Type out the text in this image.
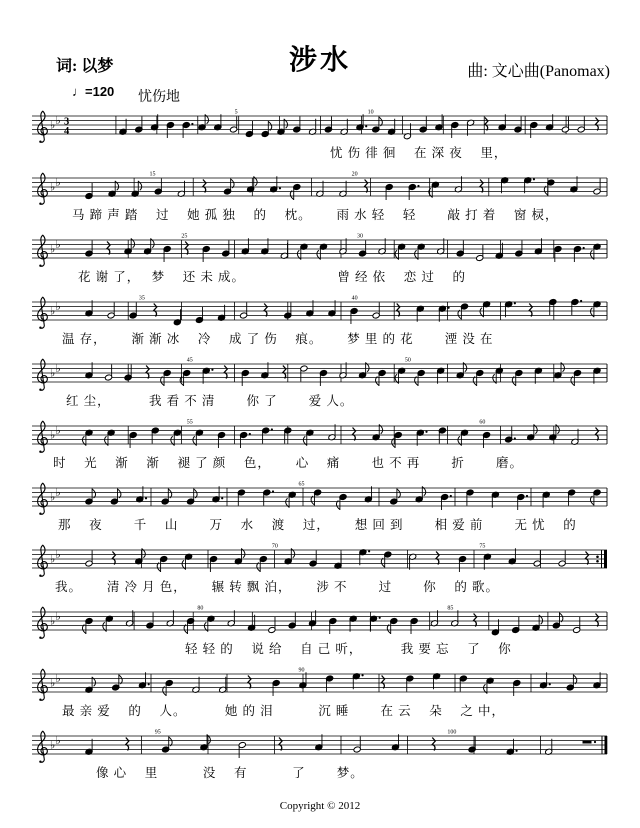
词: 以梦	涉水	曲: 文心曲(Panomax)
♩=120 忧伤地
♭ ♭ 3
4
5	10
忧 伤 徘 徊　 在 深 夜　 里，
♭ ♭
15	20
马 蹄 声 踏　 过　 她 孤 独　 的　 枕。　　 雨 水 轻　 轻　　 敲 打 着　 窗 棂，
♭ ♭
25	30
花 谢 了，　 梦　 还 未 成。　　　　　　　 曾 经 依　 恋 过　 的
♭ ♭
35	40
温 存，　　 渐 渐 冰　 冷　 成 了 伤　 痕。　　 梦 里 的 花　　 湮 没 在
♭ ♭
45	50
红 尘，　　　 我 看 不 清　　 你 了　　 爱 人。
♭ ♭
55	60
时　 光　 渐　 渐　 褪 了 颜　 色，　　 心　 痛　　 也 不 再　　 折　　 磨。
♭ ♭
65
那　 夜　　 千　 山　　 万　 水　 渡　 过，　　 想 回 到　　 相 爱 前　　 无 忧　 的
♭ ♭
70	75
我。　　 清 冷 月 色，　　 辗 转 飘 泊，　　 涉 不　　 过　　 你　 的 歌。
♭ ♭
80	85
轻 轻 的　 说 给　 自 己 听，　　　 我 要 忘　 了　 你
♭ ♭
90
最 亲 爱　 的　 人。　　　 她 的 泪　　　 沉 睡　　 在 云　 朵　 之 中，
♭ ♭
95	100
像 心　 里　　　 没　 有　　　 了　　 梦。
Copyright © 2012
